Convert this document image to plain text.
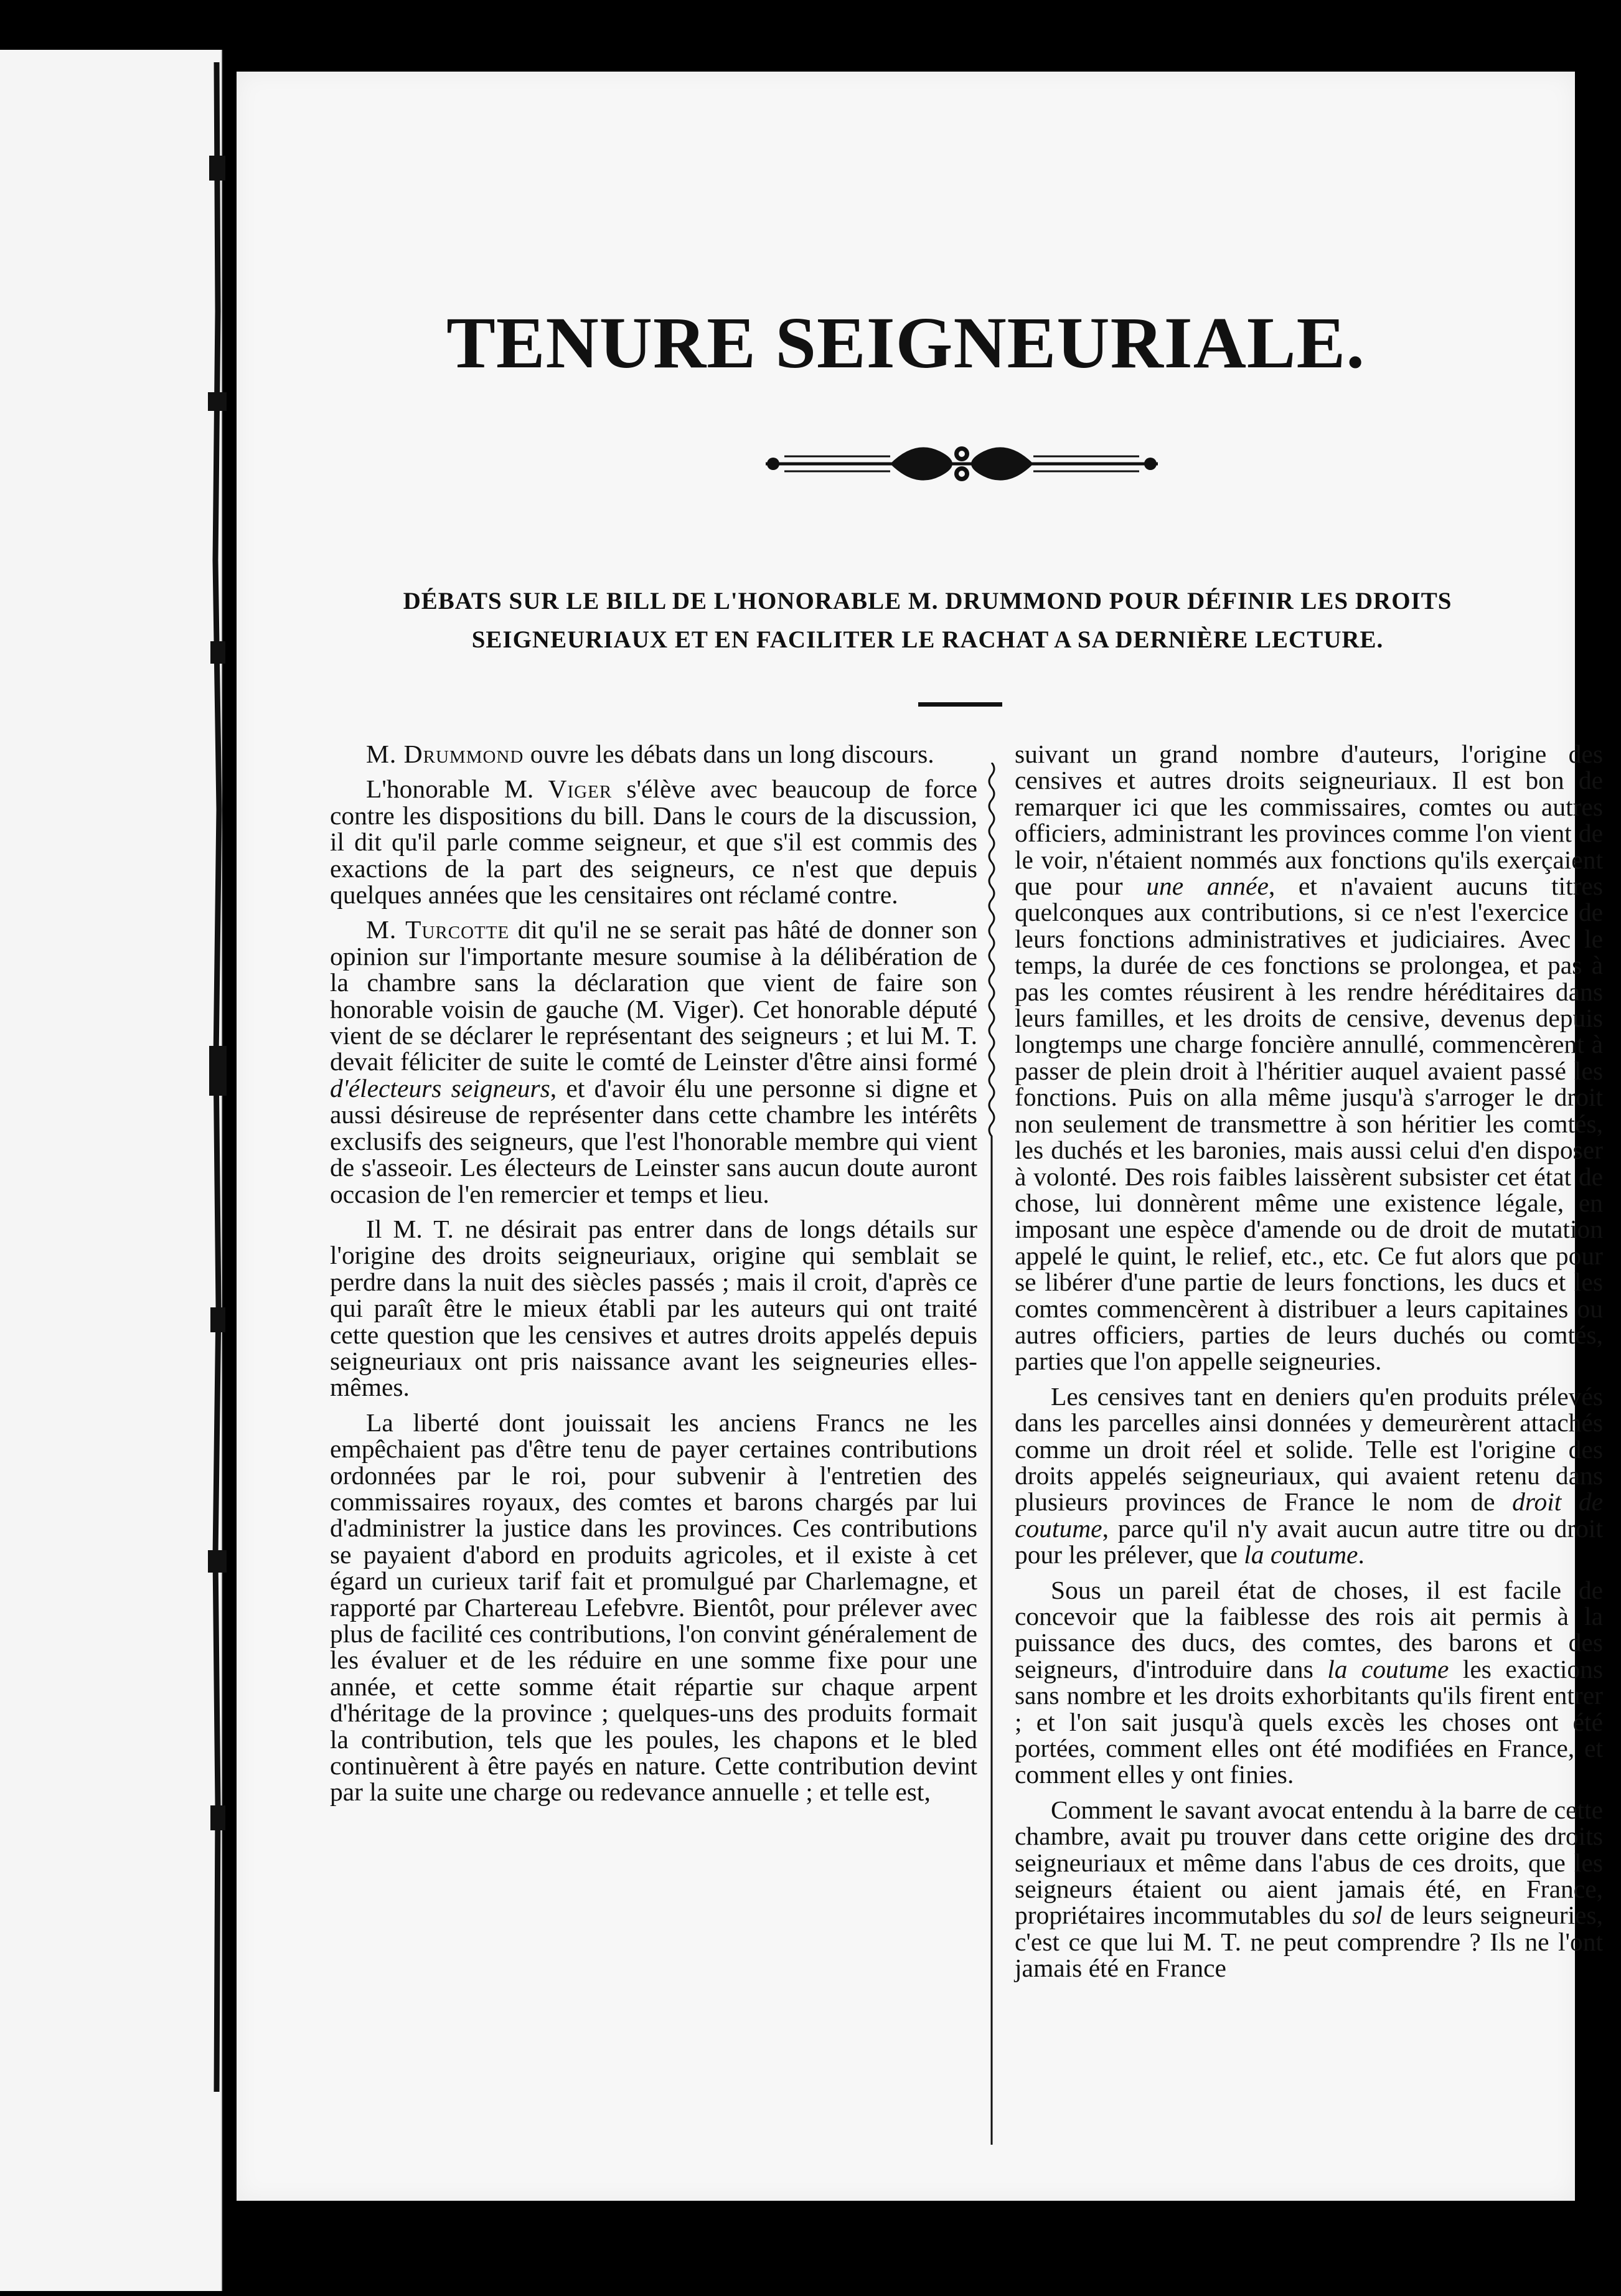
TENURE SEIGNEURIALE.
DÉBATS SUR LE BILL DE L'HONORABLE M. DRUMMOND POUR DÉFINIR LES DROITS
SEIGNEURIAUX ET EN FACILITER LE RACHAT A SA DERNIÈRE LECTURE.

M. Drummond ouvre les débats dans un long discours.

L'honorable M. Viger s'élève avec beaucoup de force contre les dispositions du bill. Dans le cours de la discussion, il dit qu'il parle comme seigneur, et que s'il est commis des exactions de la part des seigneurs, ce n'est que depuis quelques années que les censitaires ont réclamé contre.

M. Turcotte dit qu'il ne se serait pas hâté de donner son opinion sur l'importante mesure soumise à la délibération de la chambre sans la déclaration que vient de faire son honorable voisin de gauche (M. Viger). Cet honorable député vient de se déclarer le représentant des seigneurs ; et lui M. T. devait féliciter de suite le comté de Leinster d'être ainsi formé d'électeurs seigneurs, et d'avoir élu une personne si digne et aussi désireuse de représenter dans cette chambre les intérêts exclusifs des seigneurs, que l'est l'honorable membre qui vient de s'asseoir. Les électeurs de Leinster sans aucun doute auront occasion de l'en remercier et temps et lieu.

Il M. T. ne désirait pas entrer dans de longs détails sur l'origine des droits seigneuriaux, origine qui semblait se perdre dans la nuit des siècles passés ; mais il croit, d'après ce qui paraît être le mieux établi par les auteurs qui ont traité cette question que les censives et autres droits appelés depuis seigneuriaux ont pris naissance avant les seigneuries elles-mêmes.

La liberté dont jouissait les anciens Francs ne les empêchaient pas d'être tenu de payer certaines contributions ordonnées par le roi, pour subvenir à l'entretien des commissaires royaux, des comtes et barons chargés par lui d'administrer la justice dans les provinces. Ces contributions se payaient d'abord en produits agricoles, et il existe à cet égard un curieux tarif fait et promulgué par Charlemagne, et rapporté par Chartereau Lefebvre. Bientôt, pour prélever avec plus de facilité ces contributions, l'on convint généralement de les évaluer et de les réduire en une somme fixe pour une année, et cette somme était répartie sur chaque arpent d'héritage de la province ; quelques-uns des produits formait la contribution, tels que les poules, les chapons et le bled continuèrent à être payés en nature. Cette contribution devint par la suite une charge ou redevance annuelle ; et telle est,

suivant un grand nombre d'auteurs, l'origine des censives et autres droits seigneuriaux. Il est bon de remarquer ici que les commissaires, comtes ou autres officiers, administrant les provinces comme l'on vient de le voir, n'étaient nommés aux fonctions qu'ils exerçaient que pour une année, et n'avaient aucuns titres quelconques aux contributions, si ce n'est l'exercice de leurs fonctions administratives et judiciaires. Avec le temps, la durée de ces fonctions se prolongea, et pas à pas les comtes réusirent à les rendre héréditaires dans leurs familles, et les droits de censive, devenus depuis longtemps une charge foncière annullé, commencèrent à passer de plein droit à l'héritier auquel avaient passé les fonctions. Puis on alla même jusqu'à s'arroger le droit non seulement de transmettre à son héritier les comtés, les duchés et les baronies, mais aussi celui d'en disposer à volonté. Des rois faibles laissèrent subsister cet état de chose, lui donnèrent même une existence légale, en imposant une espèce d'amende ou de droit de mutation appelé le quint, le relief, etc., etc. Ce fut alors que pour se libérer d'une partie de leurs fonctions, les ducs et les comtes commencèrent à distribuer a leurs capitaines ou autres officiers, parties de leurs duchés ou comtés, parties que l'on appelle seigneuries.

Les censives tant en deniers qu'en produits prélevés dans les parcelles ainsi données y demeurèrent attachés comme un droit réel et solide. Telle est l'origine des droits appelés seigneuriaux, qui avaient retenu dans plusieurs provinces de France le nom de droit de coutume, parce qu'il n'y avait aucun autre titre ou droit pour les prélever, que la coutume.

Sous un pareil état de choses, il est facile de concevoir que la faiblesse des rois ait permis à la puissance des ducs, des comtes, des barons et des seigneurs, d'introduire dans la coutume les exactions sans nombre et les droits exhorbitants qu'ils firent entrer ; et l'on sait jusqu'à quels excès les choses ont été portées, comment elles ont été modifiées en France, et comment elles y ont finies.

Comment le savant avocat entendu à la barre de cette chambre, avait pu trouver dans cette origine des droits seigneuriaux et même dans l'abus de ces droits, que les seigneurs étaient ou aient jamais été, en France, propriétaires incommutables du sol de leurs seigneuries, c'est ce que lui M. T. ne peut comprendre ? Ils ne l'ont jamais été en France
